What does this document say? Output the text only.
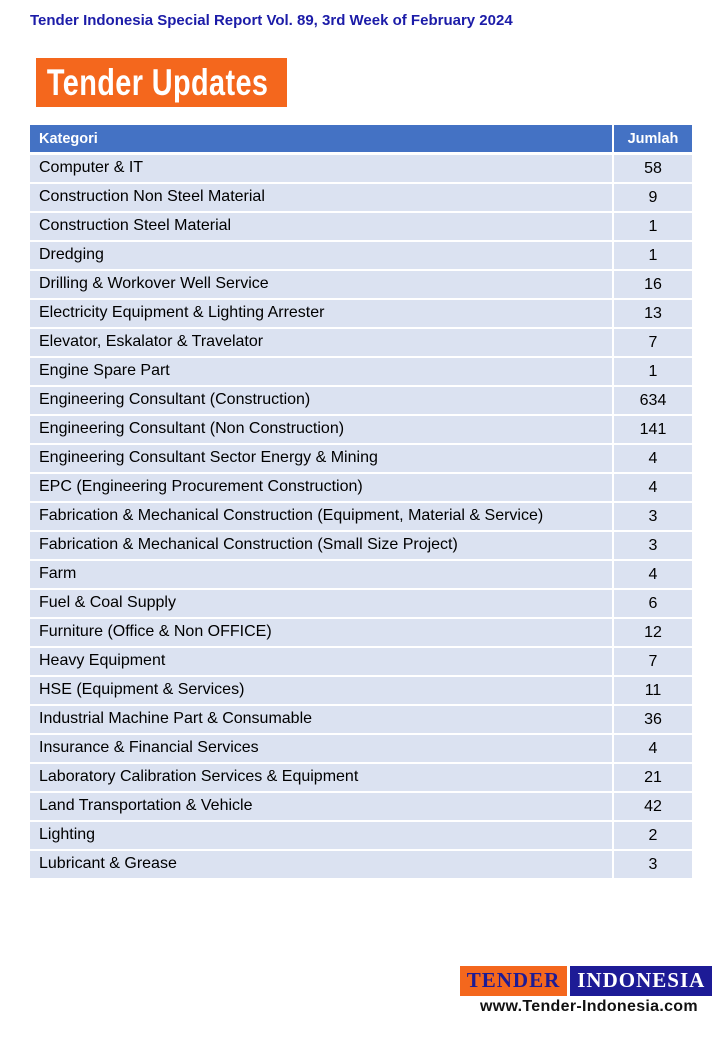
Tender Indonesia Special Report Vol. 89, 3rd Week of February 2024
Tender Updates
Kategori	Jumlah
Computer & IT	58
Construction Non Steel Material	9
Construction Steel Material	1
Dredging	1
Drilling & Workover Well Service	16
Electricity Equipment & Lighting Arrester	13
Elevator, Eskalator & Travelator	7
Engine Spare Part	1
Engineering Consultant (Construction)	634
Engineering Consultant (Non Construction)	141
Engineering Consultant Sector Energy & Mining	4
EPC (Engineering Procurement Construction)	4
Fabrication & Mechanical Construction (Equipment, Material & Service)	3
Fabrication & Mechanical Construction (Small Size Project)	3
Farm	4
Fuel & Coal Supply	6
Furniture (Office & Non OFFICE)	12
Heavy Equipment	7
HSE (Equipment & Services)	11
Industrial Machine Part & Consumable	36
Insurance & Financial Services	4
Laboratory Calibration Services & Equipment	21
Land Transportation & Vehicle	42
Lighting	2
Lubricant & Grease	3
TENDER INDONESIA
www.Tender-Indonesia.com
